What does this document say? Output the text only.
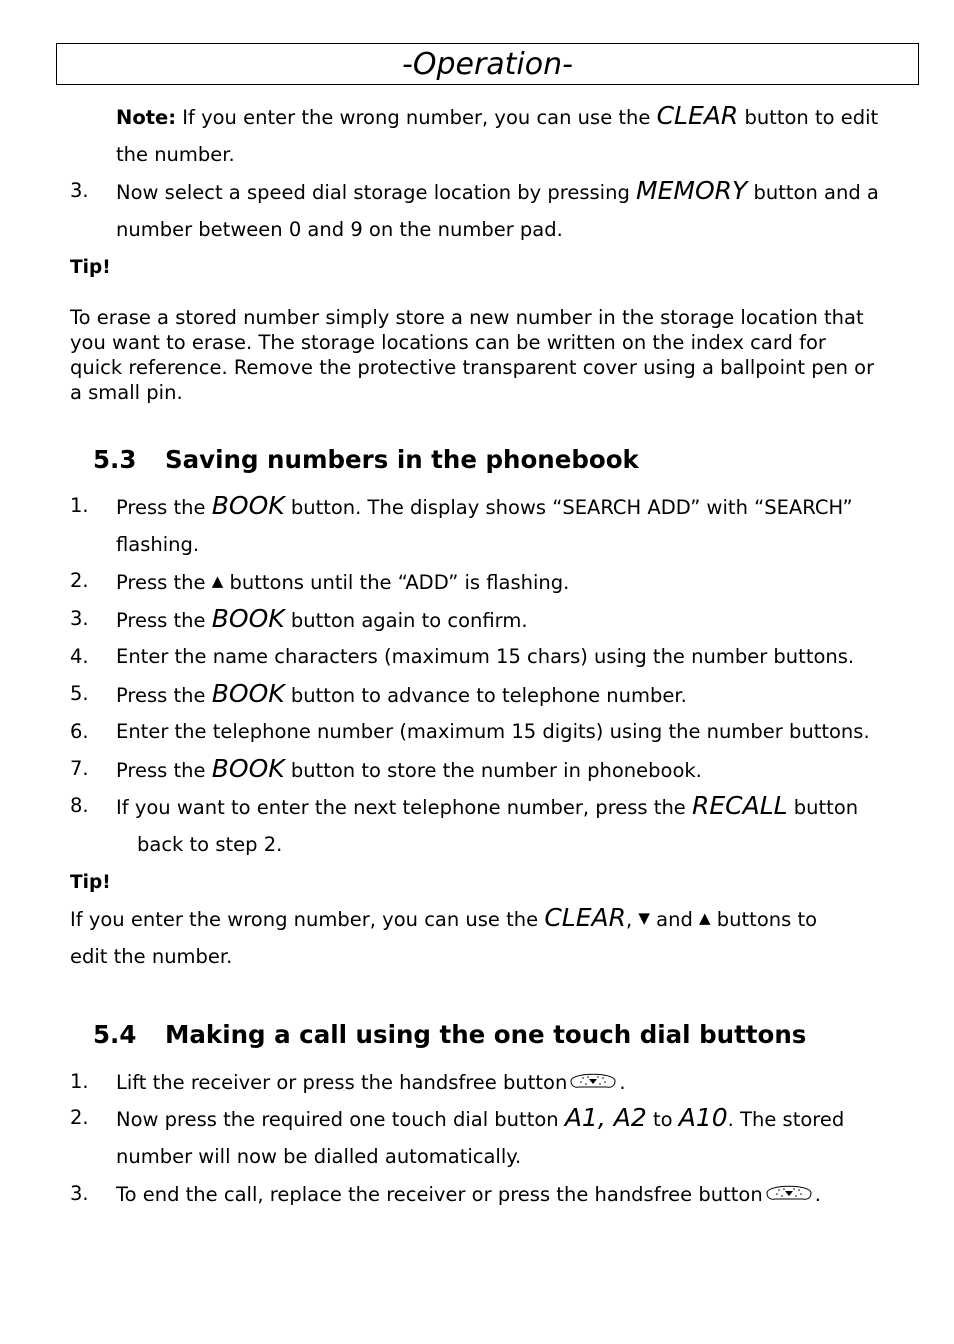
-Operation-
Note: If you enter the wrong number, you can use the CLEAR button to edit
the number.
3. Now select a speed dial storage location by pressing MEMORY button and a
number between 0 and 9 on the number pad.
Tip!
To erase a stored number simply store a new number in the storage location that
you want to erase. The storage locations can be written on the index card for
quick reference. Remove the protective transparent cover using a ballpoint pen or
a small pin.
5.3 Saving numbers in the phonebook
1. Press the BOOK button. The display shows “SEARCH ADD” with “SEARCH”
flashing.
2. Press the ▲ buttons until the “ADD” is flashing.
3. Press the BOOK button again to confirm.
4. Enter the name characters (maximum 15 chars) using the number buttons.
5. Press the BOOK button to advance to telephone number.
6. Enter the telephone number (maximum 15 digits) using the number buttons.
7. Press the BOOK button to store the number in phonebook.
8. If you want to enter the next telephone number, press the RECALL button
back to step 2.
Tip!
If you enter the wrong number, you can use the CLEAR, ▼ and ▲ buttons to
edit the number.
5.4 Making a call using the one touch dial buttons
1. Lift the receiver or press the handsfree button	.
2. Now press the required one touch dial button A1, A2 to A10. The stored
number will now be dialled automatically.
3. To end the call, replace the receiver or press the handsfree button	.
